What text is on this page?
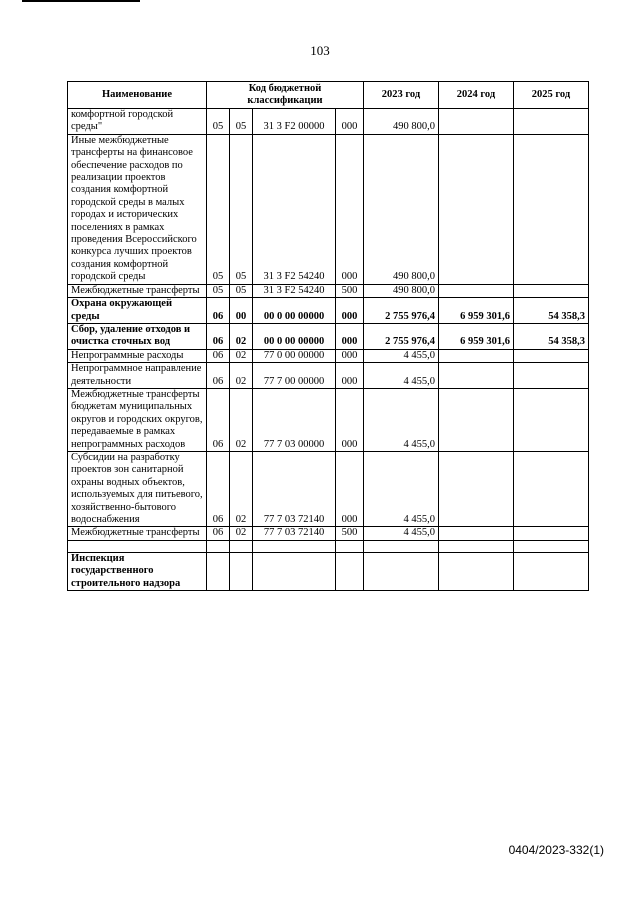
103
Наименование	Код бюджетной классификации				2023 год	2024 год	2025 год
комфортной городской среды"	05	05	31 3 F2 00000	000	490 800,0		
Иные межбюджетные трансферты на финансовое обеспечение расходов по реализации проектов создания комфортной городской среды в малых городах и исторических поселениях в рамках проведения Всероссийского конкурса лучших проектов создания комфортной городской среды	05	05	31 3 F2 54240	000	490 800,0		
Межбюджетные трансферты	05	05	31 3 F2 54240	500	490 800,0		
Охрана окружающей среды	06	00	00 0 00 00000	000	2 755 976,4	6 959 301,6	54 358,3
Сбор, удаление отходов и очистка сточных вод	06	02	00 0 00 00000	000	2 755 976,4	6 959 301,6	54 358,3
Непрограммные расходы	06	02	77 0 00 00000	000	4 455,0		
Непрограммное направление деятельности	06	02	77 7 00 00000	000	4 455,0		
Межбюджетные трансферты бюджетам муниципальных округов и городских округов, передаваемые в рамках непрограммных расходов	06	02	77 7 03 00000	000	4 455,0		
Субсидии на разработку проектов зон санитарной охраны водных объектов, используемых для питьевого, хозяйственно-бытового водоснабжения	06	02	77 7 03 72140	000	4 455,0		
Межбюджетные трансферты	06	02	77 7 03 72140	500	4 455,0		

Инспекция государственного строительного надзора							
0404/2023-332(1)
